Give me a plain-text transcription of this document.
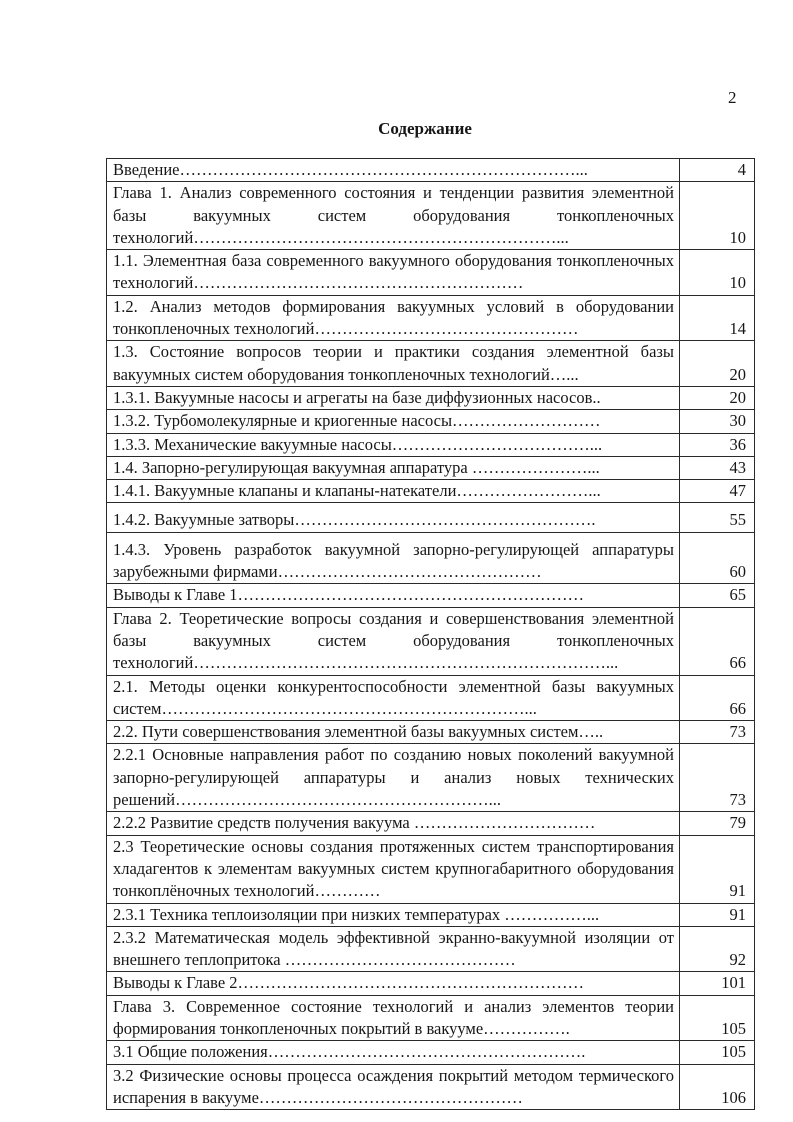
2
Содержание
Введение………………………………………………………………...	4
Глава 1. Анализ современного состояния и тенденции развития элементной базы вакуумных систем оборудования тонкопленочных технологий…………………………………………………………...	10
1.1. Элементная база современного вакуумного оборудования тонкопленочных технологий……………………………………………………	10
1.2. Анализ методов формирования вакуумных условий в оборудовании тонкопленочных технологий…………………………………………	14
1.3. Состояние вопросов теории и практики создания элементной базы вакуумных систем оборудования тонкопленочных технологий…...	20
1.3.1. Вакуумные насосы и агрегаты на базе диффузионных насосов..	20
1.3.2. Турбомолекулярные и криогенные насосы………………………	30
1.3.3. Механические вакуумные насосы………………………………...	36
1.4. Запорно-регулирующая вакуумная аппаратура …………………...	43
1.4.1. Вакуумные клапаны и клапаны-натекатели……………………...	47
1.4.2. Вакуумные затворы……………………………………………….	55
1.4.3. Уровень разработок вакуумной запорно-регулирующей аппаратуры зарубежными фирмами…………………………………………	60
Выводы к Главе 1………………………………………………………	65
Глава 2. Теоретические вопросы создания и совершенствования элементной базы вакуумных систем оборудования тонкопленочных технологий…………………………………………………………………...	66
2.1. Методы оценки конкурентоспособности элементной базы вакуумных систем…………………………………………………………...	66
2.2. Пути совершенствования элементной базы вакуумных систем…..	73
2.2.1 Основные направления работ по созданию новых поколений вакуумной запорно-регулирующей аппаратуры и анализ новых технических решений…………………………………………………...	73
2.2.2 Развитие средств получения вакуума ……………………………	79
2.3 Теоретические основы создания протяженных систем транспортирования хладагентов к элементам вакуумных систем крупногабаритного оборудования тонкоплёночных технологий…………	91
2.3.1 Техника теплоизоляции при низких температурах ……………...	91
2.3.2 Математическая модель эффективной экранно-вакуумной изоляции от внешнего теплопритока ……………………………………	92
Выводы к Главе 2………………………………………………………	101
Глава 3. Современное состояние технологий и анализ элементов теории формирования тонкопленочных покрытий в вакууме…………….	105
3.1 Общие положения………………………………………………….	105
3.2 Физические основы процесса осаждения покрытий методом термического испарения в вакууме…………………………………………	106
